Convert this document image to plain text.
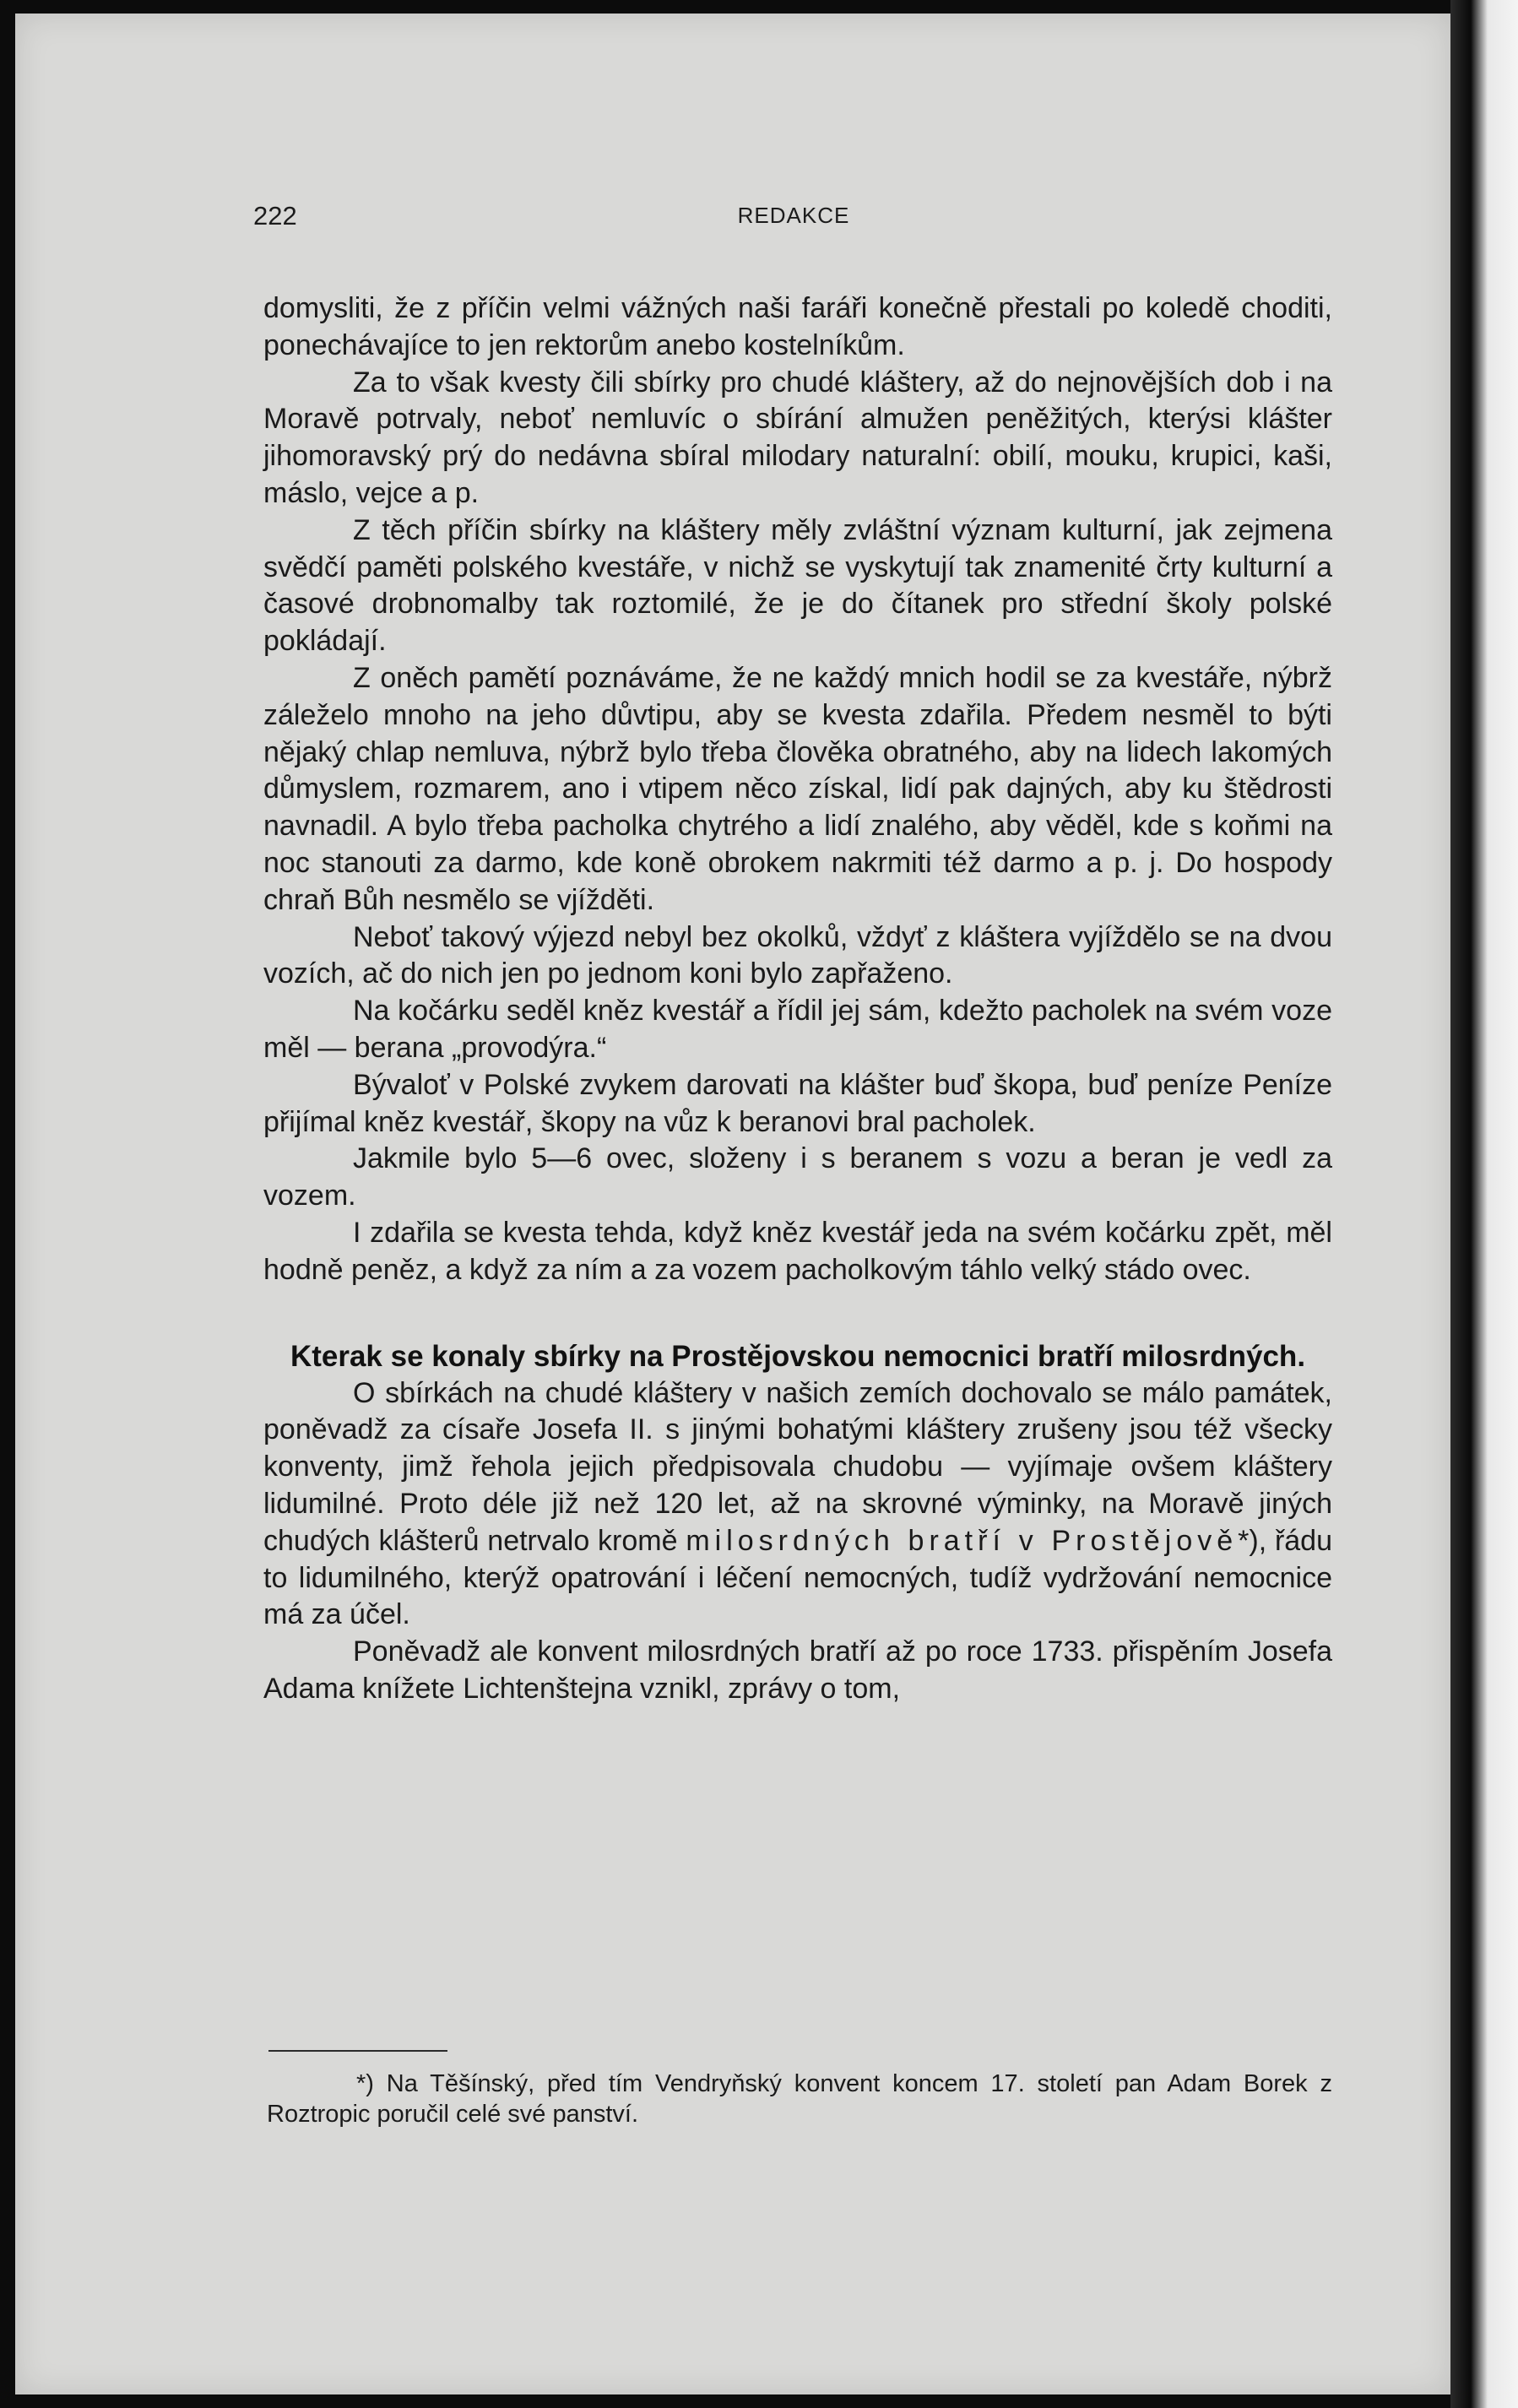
222	REDAKCE

domysliti, že z příčin velmi vážných naši faráři konečně přestali po koledě choditi, ponechávajíce to jen rektorům anebo kostelníkům.

Za to však kvesty čili sbírky pro chudé kláštery, až do nejnovějších dob i na Moravě potrvaly, neboť nemluvíc o sbírání almužen peněžitých, kterýsi klášter jihomoravský prý do nedávna sbíral milodary naturalní: obilí, mouku, krupici, kaši, máslo, vejce a p.

Z těch příčin sbírky na kláštery měly zvláštní význam kulturní, jak zejmena svědčí paměti polského kvestáře, v nichž se vyskytují tak znamenité črty kulturní a časové drobnomalby tak roztomilé, že je do čítanek pro střední školy polské pokládají.

Z oněch pamětí poznáváme, že ne každý mnich hodil se za kvestáře, nýbrž záleželo mnoho na jeho důvtipu, aby se kvesta zdařila. Předem nesměl to býti nějaký chlap nemluva, nýbrž bylo třeba člověka obratného, aby na lidech lakomých důmyslem, rozmarem, ano i vtipem něco získal, lidí pak dajných, aby ku štědrosti navnadil. A bylo třeba pacholka chytrého a lidí znalého, aby věděl, kde s koňmi na noc stanouti za darmo, kde koně obrokem nakrmiti též darmo a p. j. Do hospody chraň Bůh nesmělo se vjížděti.

Neboť takový výjezd nebyl bez okolků, vždyť z kláštera vyjíždělo se na dvou vozích, ač do nich jen po jednom koni bylo zapřaženo.

Na kočárku seděl kněz kvestář a řídil jej sám, kdežto pacholek na svém voze měl — berana „provodýra.“

Bývaloť v Polské zvykem darovati na klášter buď škopa, buď peníze Peníze přijímal kněz kvestář, škopy na vůz k beranovi bral pacholek.

Jakmile bylo 5—6 ovec, složeny i s beranem s vozu a beran je vedl za vozem.

I zdařila se kvesta tehda, když kněz kvestář jeda na svém kočárku zpět, měl hodně peněz, a když za ním a za vozem pacholkovým táhlo velký stádo ovec.

Kterak se konaly sbírky na Prostějovskou nemocnici bratří milosrdných.

O sbírkách na chudé kláštery v našich zemích dochovalo se málo památek, poněvadž za císaře Josefa II. s jinými bohatými kláštery zrušeny jsou též všecky konventy, jimž řehola jejich předpisovala chudobu — vyjímaje ovšem kláštery lidumilné. Proto déle již než 120 let, až na skrovné výminky, na Moravě jiných chudých klášterů netrvalo kromě milosrdných bratří v Prostějově*), řádu to lidumilného, kterýž opatrování i léčení nemocných, tudíž vydržování nemocnice má za účel.

Poněvadž ale konvent milosrdných bratří až po roce 1733. přispěním Josefa Adama knížete Lichtenštejna vznikl, zprávy o tom,

*) Na Těšínský, před tím Vendryňský konvent koncem 17. století pan Adam Borek z Roztropic poručil celé své panství.
